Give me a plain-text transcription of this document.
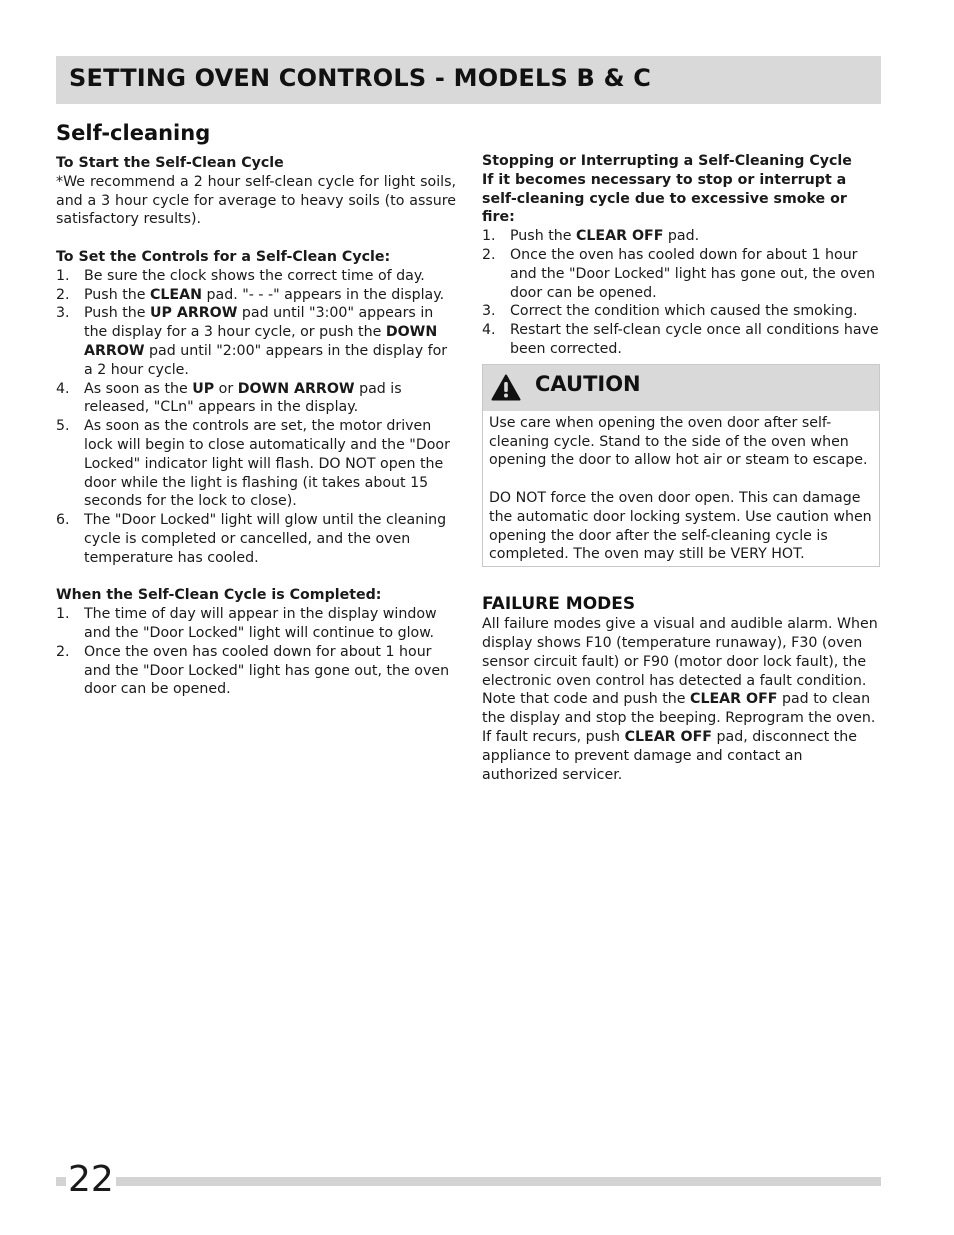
SETTING OVEN CONTROLS - MODELS B & C
Self-cleaning

To Start the Self-Clean Cycle

*We recommend a 2 hour self-clean cycle for light soils, and a 3 hour cycle for average to heavy soils (to assure satisfactory results).

To Set the Controls for a Self-Clean Cycle:

1. Be sure the clock shows the correct time of day.
2. Push the CLEAN pad. "- - -" appears in the display.
3. Push the UP ARROW pad until "3:00" appears in the display for a 3 hour cycle, or push the DOWN ARROW pad until "2:00" appears in the display for a 2 hour cycle.
4. As soon as the UP or DOWN ARROW pad is released, "CLn" appears in the display.
5. As soon as the controls are set, the motor driven lock will begin to close automatically and the "Door Locked" indicator light will flash. DO NOT open the door while the light is flashing (it takes about 15 seconds for the lock to close).
6. The "Door Locked" light will glow until the cleaning cycle is completed or cancelled, and the oven temperature has cooled.

When the Self-Clean Cycle is Completed:

1. The time of day will appear in the display window and the "Door Locked" light will continue to glow.
2. Once the oven has cooled down for about 1 hour and the "Door Locked" light has gone out, the oven door can be opened.

Stopping or Interrupting a Self-Cleaning Cycle

If it becomes necessary to stop or interrupt a self-cleaning cycle due to excessive smoke or fire:

1. Push the CLEAR OFF pad.
2. Once the oven has cooled down for about 1 hour and the "Door Locked" light has gone out, the oven door can be opened.
3. Correct the condition which caused the smoking.
4. Restart the self-clean cycle once all conditions have been corrected.
CAUTION

Use care when opening the oven door after self-cleaning cycle. Stand to the side of the oven when opening the door to allow hot air or steam to escape.

DO NOT force the oven door open. This can damage the automatic door locking system. Use caution when opening the door after the self-cleaning cycle is completed. The oven may still be VERY HOT.

FAILURE MODES

All failure modes give a visual and audible alarm. When display shows F10 (temperature runaway), F30 (oven sensor circuit fault) or F90 (motor door lock fault), the electronic oven control has detected a fault condition. Note that code and push the CLEAR OFF pad to clean the display and stop the beeping. Reprogram the oven. If fault recurs, push CLEAR OFF pad, disconnect the appliance to prevent damage and contact an authorized servicer.

22
